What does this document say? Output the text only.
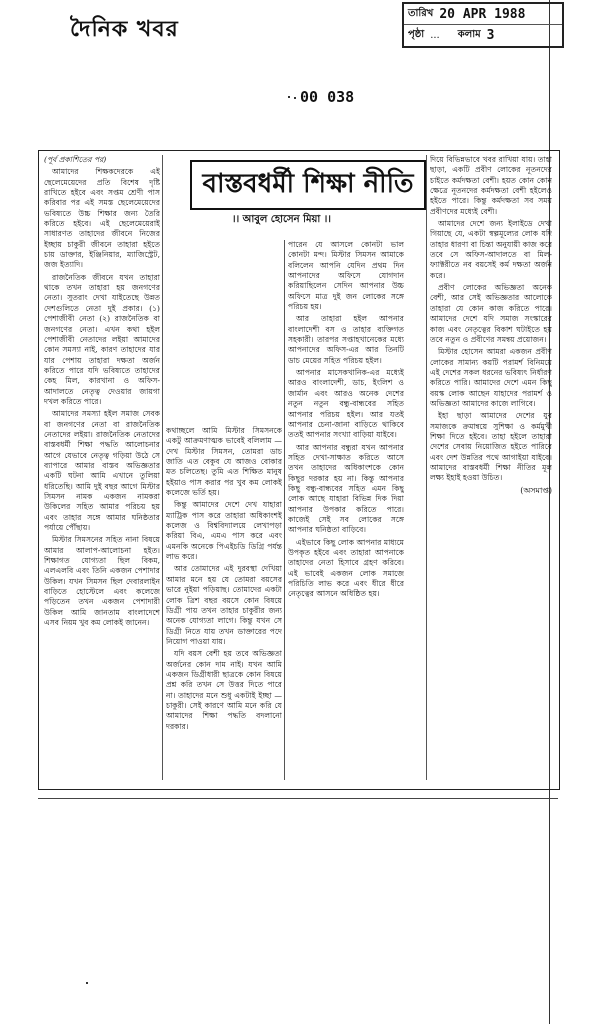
দৈনিক খবর
তারিখ 20 APR 1988
পৃষ্ঠা ... কলাম 3
00 038
বাস্তবধর্মী শিক্ষা নীতি
।। আবুল হোসেন মিয়া ।।

(পূর্ব প্রকাশিতের পর)

আমাদের শিক্ষকদেরকে এই ছেলেমেয়েদের প্রতি বিশেষ দৃষ্টি রাখিতে হইবে এবং সপ্তম শ্রেণী পাস করিবার পর এই সমস্ত ছেলেমেয়েদের ভবিষ্যতে উচ্চ শিক্ষার জন্য তৈরি করিতে হইবে। এই ছেলেমেয়েরাই সাধারণত তাহাদের জীবনে নিজের ইচ্ছায় চাকুরী জীবনে তাহারা হইতে চায় ডাক্তার, ইঞ্জিনিয়ার, ম্যাজিস্ট্রেট, জজ ইত্যাদি।

রাজনৈতিক জীবনে যখন তাহারা থাকে তখন তাহারা হয় জনগণের নেতা। সুতরাং দেখা যাইতেছে উন্নত দেশগুলিতে নেতা দুই প্রকার। (১) পেশাজীবী নেতা (২) রাজনৈতিক বা জনগণের নেতা। এখন কথা হইল পেশাজীবী নেতাদের লইয়া আমাদের কোন সমস্যা নাই, কারণ তাহাদের যার যার পেশায় তাহারা দক্ষতা অর্জন করিতে পারে যদি ভবিষ্যতে তাহাদের কেহ মিল, কারখানা ও অফিস-আদালতে নেতৃত্ব দেওয়ার জায়গা দখল করিতে পারে।

আমাদের সমস্যা হইল সমাজ সেবক বা জনগণের নেতা বা রাজনৈতিক নেতাদের লইয়া। রাজনৈতিক নেতাদের বাস্তবধর্মী শিক্ষা পদ্ধতি আলোচনার আগে যেভাবে নেতৃত্ব গড়িয়া উঠে সে ব্যাপারে আমার বাস্তব অভিজ্ঞতার একটি ঘটনা আমি এখানে তুলিয়া ধরিতেছি। আমি দুই বছর আগে মিস্টার সিমসন নামক একজন নামকরা উকিলের সহিত আমার পরিচয় হয় এবং তাহার সঙ্গে আমার ঘনিষ্ঠতার পর্যায়ে পৌঁছায়।

মিস্টার সিমসনের সহিত নানা বিষয়ে আমার আলাপ-আলোচনা হইত। শিক্ষাগত যোগ্যতা ছিল বিকম, এলএলবি এবং তিনি একজন পেশাদার উকিল। যখন সিমসন ছিল দেবারলাইন বাড়িতে হোস্টেলে এবং কলেজে পড়িতেন তখন একজন পেশাদারী উকিল আমি জানতাম বাংলাদেশে এসব নিয়ম খুব কম লোকই জানেন।

কথাচ্ছলে আমি মিস্টার সিমসনকে একটু আক্রমণাত্মক ভাবেই বলিলাম — দেখ মিস্টার সিমসন, তোমরা ডাচ জাতি এত বেকুব যে আজও বোকার মত চলিতেছ। তুমি এত শিক্ষিত মানুষ হইয়াও পাস করার পর খুব কম লোকই কলেজে ভর্তি হয়।

কিন্তু আমাদের দেশে দেখ যাহারা ম্যাট্রিক পাস করে তাহারা অধিকাংশই কলেজ ও বিশ্ববিদ্যালয়ে লেখাপড়া করিয়া বিএ, এমএ পাস করে এবং এমনকি অনেকে পিএইচডি ডিগ্রি পর্যন্ত লাভ করে।

আর তোমাদের এই দুরবস্থা দেখিয়া আমার মনে হয় যে তোমরা বয়সের ভারে নুইয়া পড়িয়াছ। তোমাদের একটা লোক ত্রিশ বছর বয়সে কোন বিষয়ে ডিগ্রী পায় তখন তাহার চাকুরীর জন্য অনেক যোগ্যতা লাগে। কিন্তু যখন সে ডিগ্রী নিতে যায় তখন ডাক্তারের পদে নিয়োগ পাওয়া যায়।

যদি বয়স বেশী হয় তবে অভিজ্ঞতা অর্জনের কোন দাম নাই। যখন আমি একজন ডিগ্রীধারী ছাত্রকে কোন বিষয়ে প্রশ্ন করি তখন সে উত্তর দিতে পারে না। তাহাদের মনে শুধু একটাই ইচ্ছা — চাকুরী। সেই কারণে আমি মনে করি যে আমাদের শিক্ষা পদ্ধতি বদলানো দরকার।

পারেন যে আসলে কোনটা ভাল কোনটা মন্দ। মিস্টার সিমসন আমাকে বলিলেন আপনি যেদিন প্রথম দিন আপনাদের অফিসে যোগদান করিয়াছিলেন সেদিন আপনার উচ্চ অফিসে মাত্র দুই জন লোকের সঙ্গে পরিচয় হয়।

আর তাহারা হইল আপনার বাংলাদেশী বস ও তাহার ব্যক্তিগত সহকারী। তারপর সপ্তাহখানেকের মধ্যে আপনাদের অফিস-এর আর তিনটি ডাচ মেয়ের সহিত পরিচয় হইল।

আপনার মাসেকখানিক-এর মধ্যেই আরও বাংলাদেশী, ডাচ, ইংলিশ ও জার্মান এবং আরও অনেক দেশের নতুন নতুন বন্ধু-বান্ধবের সহিত আপনার পরিচয় হইল। আর যতই আপনার চেনা-জানা বাড়িতে থাকিবে ততই আপনার সংখ্যা বাড়িয়া যাইবে।

আর আপনার বন্ধুরা যখন আপনার সহিত দেখা-সাক্ষাত করিতে আসে তখন তাহাদের অধিকাংশকে কোন কিছুর দরকার হয় না। কিন্তু আপনার কিছু বন্ধু-বান্ধবের সহিত এমন কিছু লোক আছে যাহারা বিভিন্ন দিক দিয়া আপনার উপকার করিতে পারে। কাজেই সেই সব লোকের সঙ্গে আপনার ঘনিষ্ঠতা বাড়িবে।

এইভাবে কিছু লোক আপনার মাধ্যমে উপকৃত হইবে এবং তাহারা আপনাকে তাহাদের নেতা হিসাবে গ্রহণ করিবে। এই ভাবেই একজন লোক সমাজে পরিচিতি লাভ করে এবং ধীরে ধীরে নেতৃত্বের আসনে অধিষ্ঠিত হয়।

দিয়ে বিভিন্নভাবে খবর রাখিয়া যায়। তাহা ছাড়া, একটি প্রবীণ লোকের নূতনদের চাইতে কর্মদক্ষতা বেশী। হয়ত কোন কোন ক্ষেত্রে নূতনদের কর্মদক্ষতা বেশী হইলেও হইতে পারে। কিন্তু কর্মদক্ষতা সব সময় প্রবীণদের মধ্যেই বেশী।

আমাদের দেশে জন্য ইলাইডে দেখা গিয়াছে যে, একটা স্বল্পমূল্যের লোক যদি তাহার ধারণা বা চিন্তা অনুযায়ী কাজ করে তবে সে অফিস-আদালতে বা মিল-ফ্যাক্টরীতে নব বয়সেই কর্ম দক্ষতা অর্জন করে।

প্রবীণ লোকের অভিজ্ঞতা অনেক বেশী, আর সেই অভিজ্ঞতার আলোকে তাহারা যে কোন কাজ করিতে পারে। আমাদের দেশে যদি সমাজ সংস্কারের কাজ এবং নেতৃত্বের বিকাশ ঘটাইতে হয় তবে নতুন ও প্রবীণের সমন্বয় প্রয়োজন।

মিস্টার হোসেন আমরা একজন প্রবীণ লোকের সামান্য কয়টি পরামর্শ বিনিময়ে এই দেশের সকল ধরনের ভবিষ্যৎ নির্ধারণ করিতে পারি। আমাদের দেশে এমন কিছু বয়স্ক লোক আছেন যাহাদের পরামর্শ ও অভিজ্ঞতা আমাদের কাজে লাগিবে।

ইহা ছাড়া আমাদের দেশের যুব সমাজকে ক্রমান্বয়ে সুশিক্ষা ও কর্মমুখী শিক্ষা দিতে হইবে। তাহা হইলে তাহারা দেশের সেবায় নিয়োজিত হইতে পারিবে এবং দেশ উন্নতির পথে আগাইয়া যাইবে। আমাদের বাস্তবধর্মী শিক্ষা নীতির মূল লক্ষ্য ইহাই হওয়া উচিত।

(অসমাপ্ত)
